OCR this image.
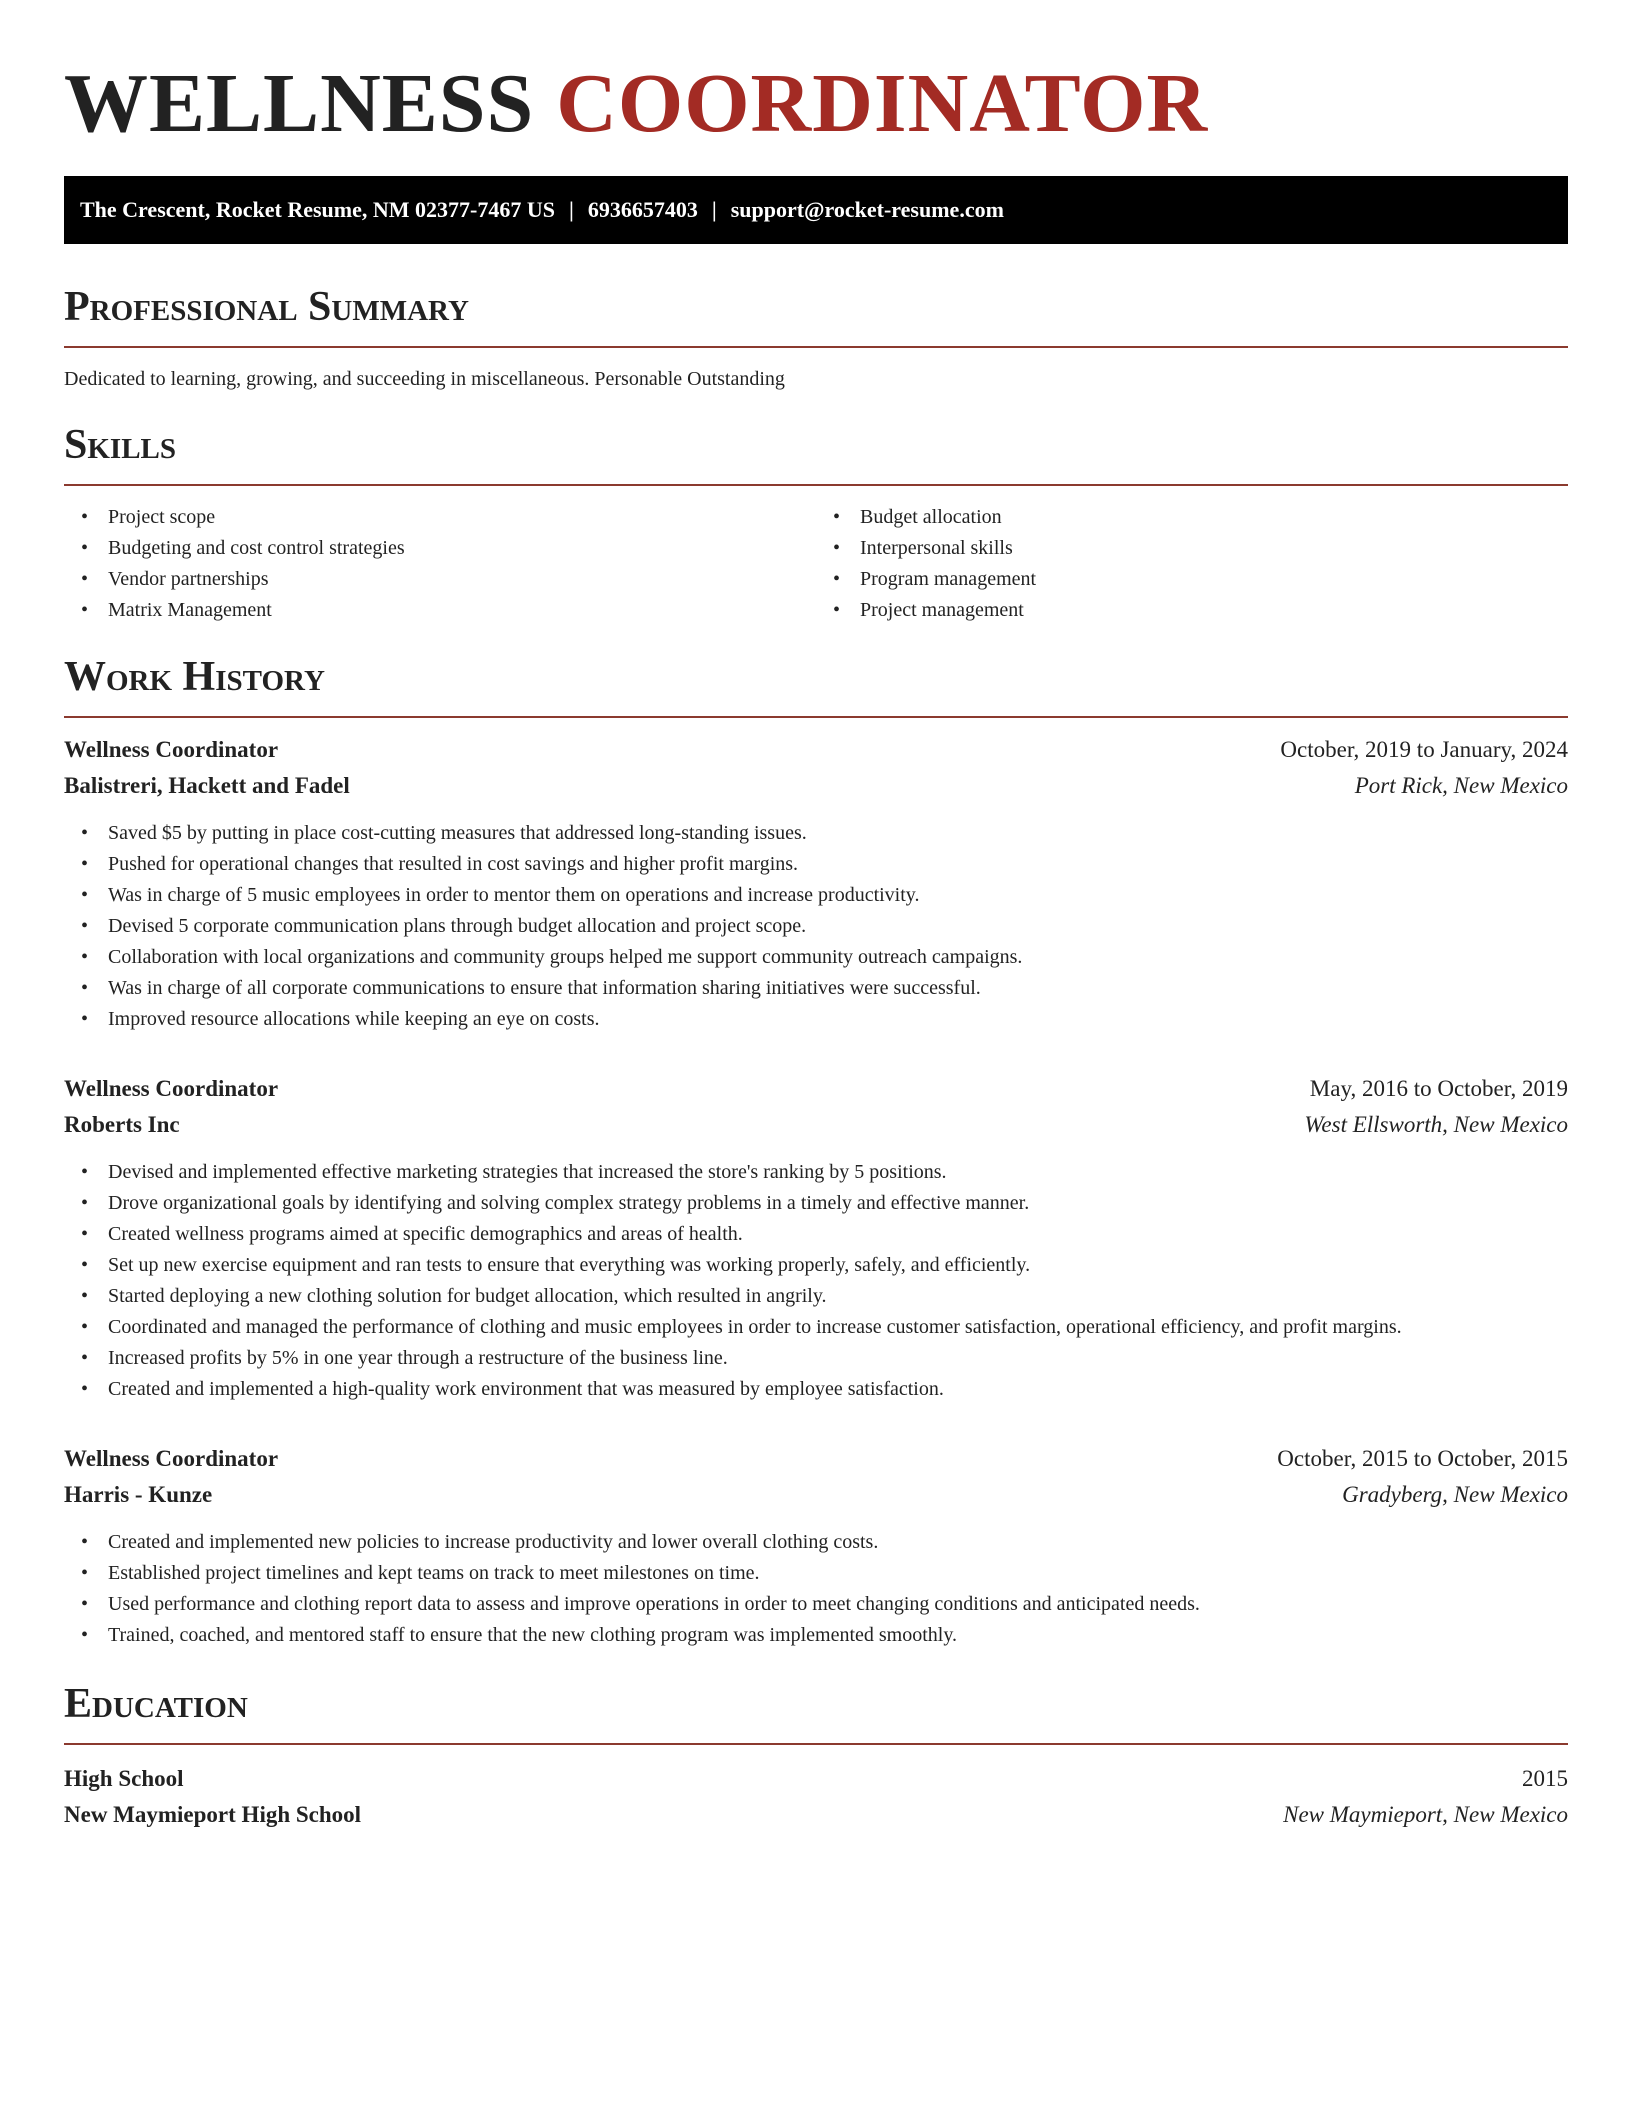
WELLNESS COORDINATOR
The Crescent, Rocket Resume, NM 02377-7467 US | 6936657403 | support@rocket-resume.com
Professional Summary
Dedicated to learning, growing, and succeeding in miscellaneous. Personable Outstanding
Skills
• Project scope
• Budgeting and cost control strategies
• Vendor partnerships
• Matrix Management
• Budget allocation
• Interpersonal skills
• Program management
• Project management
Work History
Wellness Coordinator	October, 2019 to January, 2024
Balistreri, Hackett and Fadel	Port Rick, New Mexico
• Saved $5 by putting in place cost-cutting measures that addressed long-standing issues.
• Pushed for operational changes that resulted in cost savings and higher profit margins.
• Was in charge of 5 music employees in order to mentor them on operations and increase productivity.
• Devised 5 corporate communication plans through budget allocation and project scope.
• Collaboration with local organizations and community groups helped me support community outreach campaigns.
• Was in charge of all corporate communications to ensure that information sharing initiatives were successful.
• Improved resource allocations while keeping an eye on costs.
Wellness Coordinator	May, 2016 to October, 2019
Roberts Inc	West Ellsworth, New Mexico
• Devised and implemented effective marketing strategies that increased the store's ranking by 5 positions.
• Drove organizational goals by identifying and solving complex strategy problems in a timely and effective manner.
• Created wellness programs aimed at specific demographics and areas of health.
• Set up new exercise equipment and ran tests to ensure that everything was working properly, safely, and efficiently.
• Started deploying a new clothing solution for budget allocation, which resulted in angrily.
• Coordinated and managed the performance of clothing and music employees in order to increase customer satisfaction, operational efficiency, and profit margins.
• Increased profits by 5% in one year through a restructure of the business line.
• Created and implemented a high-quality work environment that was measured by employee satisfaction.
Wellness Coordinator	October, 2015 to October, 2015
Harris - Kunze	Gradyberg, New Mexico
• Created and implemented new policies to increase productivity and lower overall clothing costs.
• Established project timelines and kept teams on track to meet milestones on time.
• Used performance and clothing report data to assess and improve operations in order to meet changing conditions and anticipated needs.
• Trained, coached, and mentored staff to ensure that the new clothing program was implemented smoothly.
Education
High School	2015
New Maymieport High School	New Maymieport, New Mexico
